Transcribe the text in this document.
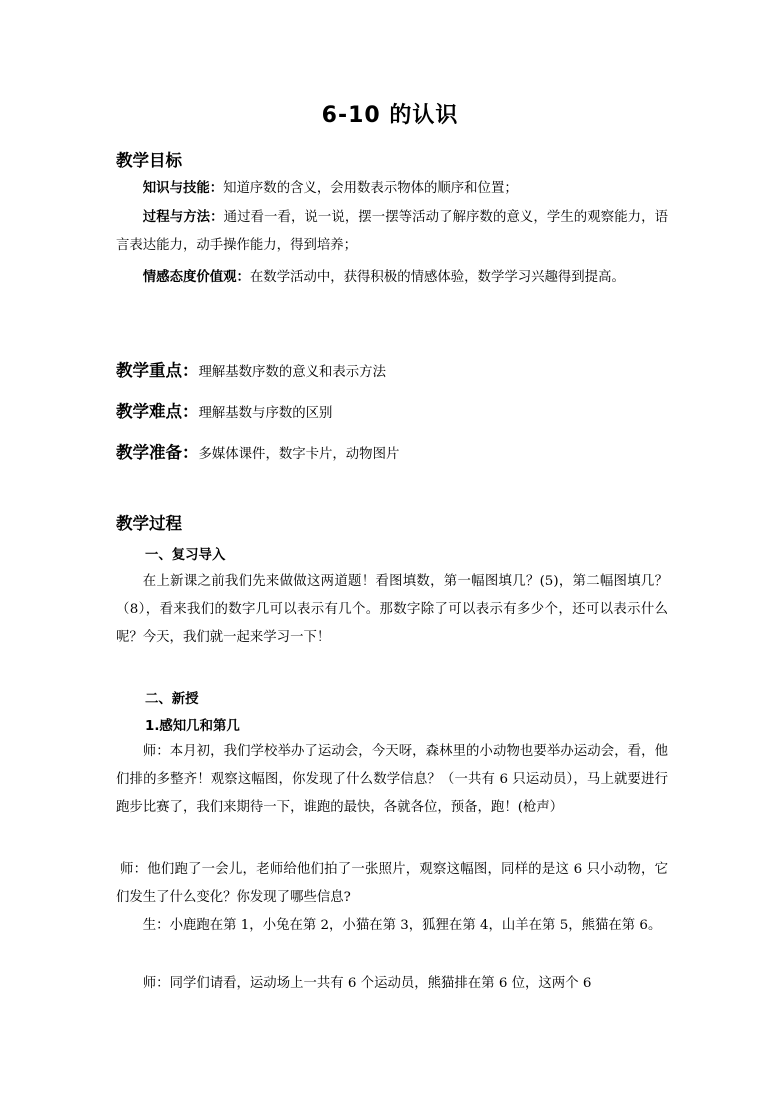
6-10 的认识
教学目标
知识与技能：知道序数的含义，会用数表示物体的顺序和位置；
过程与方法：通过看一看，说一说，摆一摆等活动了解序数的意义，学生的观察能力，语言表达能力，动手操作能力，得到培养；
情感态度价值观：在数学活动中，获得积极的情感体验，数学学习兴趣得到提高。
教学重点：理解基数序数的意义和表示方法
教学难点：理解基数与序数的区别
教学准备：多媒体课件，数字卡片，动物图片
教学过程
一、复习导入
在上新课之前我们先来做做这两道题！看图填数，第一幅图填几？(5)，第二幅图填几？（8），看来我们的数字几可以表示有几个。那数字除了可以表示有多少个，还可以表示什么呢？今天，我们就一起来学习一下！
二、新授
1.感知几和第几
师：本月初，我们学校举办了运动会，今天呀，森林里的小动物也要举办运动会，看，他们排的多整齐！观察这幅图，你发现了什么数学信息？（一共有 6 只运动员），马上就要进行跑步比赛了，我们来期待一下，谁跑的最快，各就各位，预备，跑！(枪声）
师：他们跑了一会儿，老师给他们拍了一张照片，观察这幅图，同样的是这 6 只小动物，它们发生了什么变化？你发现了哪些信息?
生：小鹿跑在第 1，小兔在第 2，小猫在第 3，狐狸在第 4，山羊在第 5，熊猫在第 6。
师：同学们请看，运动场上一共有 6 个运动员，熊猫排在第 6 位，这两个 6
